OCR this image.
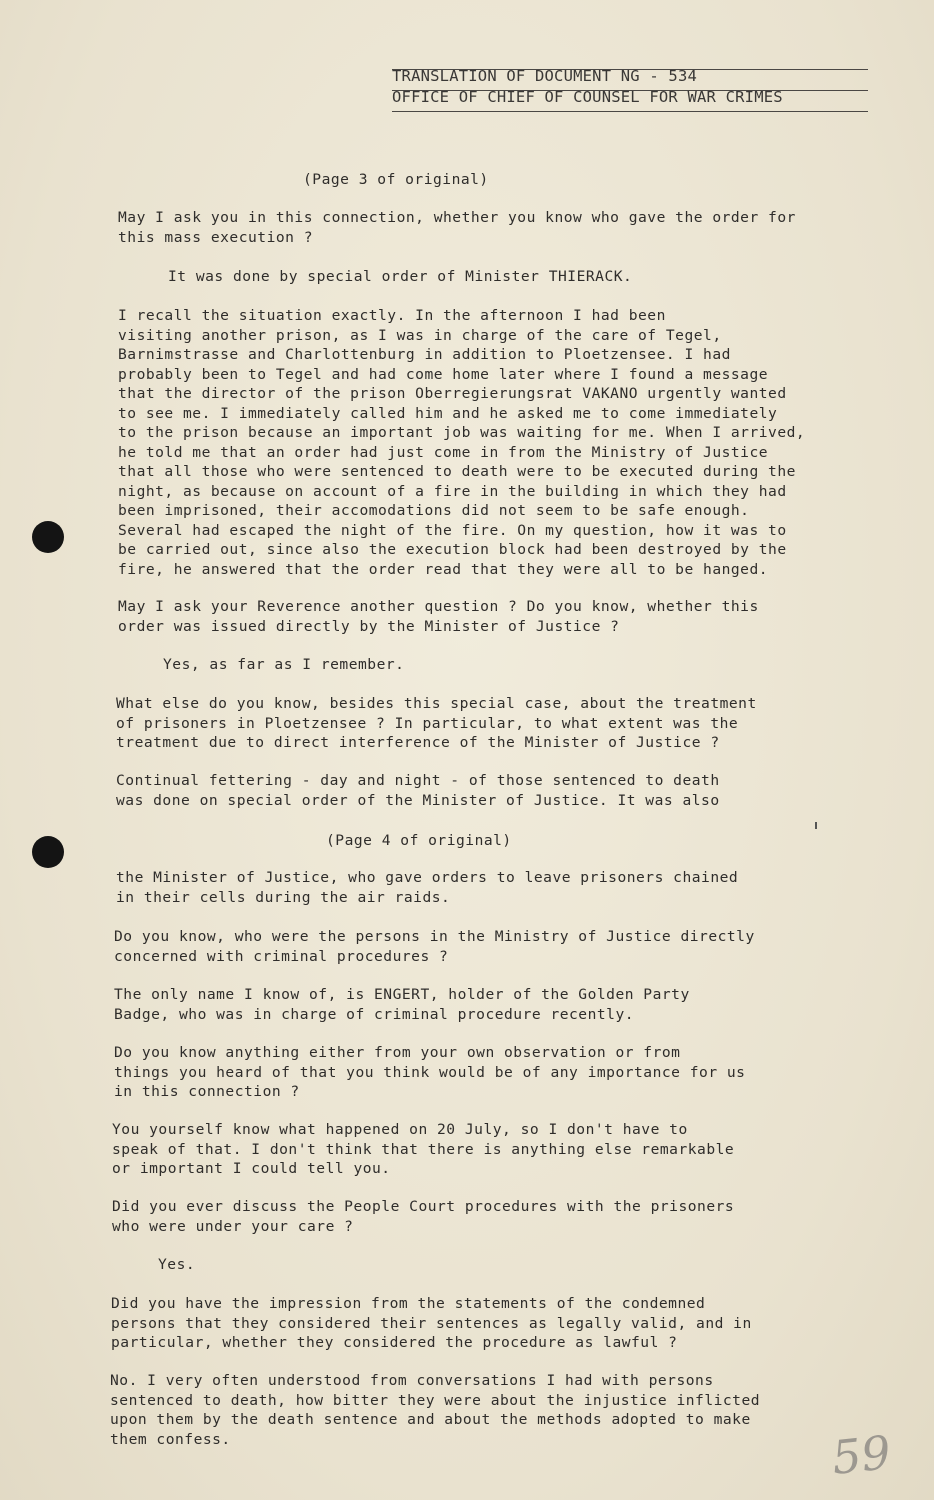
TRANSLATION OF DOCUMENT NG - 534
OFFICE OF CHIEF OF COUNSEL FOR WAR CRIMES
(Page 3 of original)
May I ask you in this connection, whether you know who gave the order for
this mass execution ?
It was done by special order of Minister THIERACK.
I recall the situation exactly. In the afternoon I had been
visiting another prison, as I was in charge of the care of Tegel,
Barnimstrasse and Charlottenburg in addition to Ploetzensee. I had
probably been to Tegel and had come home later where I found a message
that the director of the prison Oberregierungsrat VAKANO urgently wanted
to see me. I immediately called him and he asked me to come immediately
to the prison because an important job was waiting for me. When I arrived,
he told me that an order had just come in from the Ministry of Justice
that all those who were sentenced to death were to be executed during the
night, as because on account of a fire in the building in which they had
been imprisoned, their accomodations did not seem to be safe enough.
Several had escaped the night of the fire. On my question, how it was to
be carried out, since also the execution block had been destroyed by the
fire, he answered that the order read that they were all to be hanged.
May I ask your Reverence another question ? Do you know, whether this
order was issued directly by the Minister of Justice ?
Yes, as far as I remember.
What else do you know, besides this special case, about the treatment
of prisoners in Ploetzensee ? In particular, to what extent was the
treatment due to direct interference of the Minister of Justice ?
Continual fettering - day and night - of those sentenced to death
was done on special order of the Minister of Justice. It was also
(Page 4 of original)
the Minister of Justice, who gave orders to leave prisoners chained
in their cells during the air raids.
Do you know, who were the persons in the Ministry of Justice directly
concerned with criminal procedures ?
The only name I know of, is ENGERT, holder of the Golden Party
Badge, who was in charge of criminal procedure recently.
Do you know anything either from your own observation or from
things you heard of that you think would be of any importance for us
in this connection ?
You yourself know what happened on 20 July, so I don't have to
speak of that. I don't think that there is anything else remarkable
or important I could tell you.
Did you ever discuss the People Court procedures with the prisoners
who were under your care ?
Yes.
Did you have the impression from the statements of the condemned
persons that they considered their sentences as legally valid, and in
particular, whether they considered the procedure as lawful ?
No. I very often understood from conversations I had with persons
sentenced to death, how bitter they were about the injustice inflicted
upon them by the death sentence and about the methods adopted to make
them confess.	59
